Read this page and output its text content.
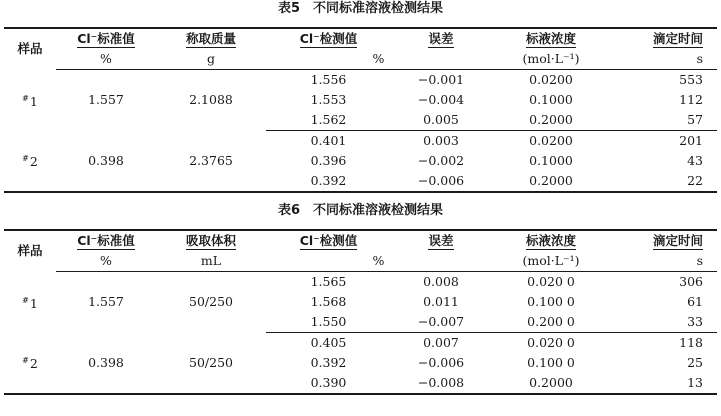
表5　不同标准溶液检测结果
样品	Cl⁻标准值	称取质量	Cl⁻检测值	误差	标液浓度	滴定时间
	%	g	%		(mol·L⁻¹)	s
#1	1.557	2.1088	1.556	−0.001	0.0200	553
			1.553	−0.004	0.1000	112
			1.562	0.005	0.2000	57
#2	0.398	2.3765	0.401	0.003	0.0200	201
			0.396	−0.002	0.1000	43
			0.392	−0.006	0.2000	22
表6　不同标准溶液检测结果
样品	Cl⁻标准值	吸取体积	Cl⁻检测值	误差	标液浓度	滴定时间
	%	mL	%		(mol·L⁻¹)	s
#1	1.557	50/250	1.565	0.008	0.020 0	306
			1.568	0.011	0.100 0	61
			1.550	−0.007	0.200 0	33
#2	0.398	50/250	0.405	0.007	0.020 0	118
			0.392	−0.006	0.100 0	25
			0.390	−0.008	0.2000	13
